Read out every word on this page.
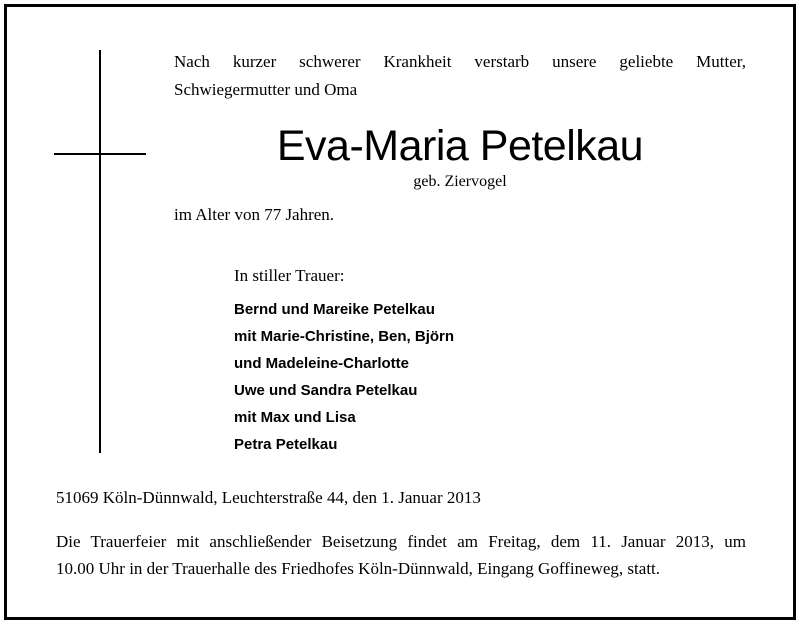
Nach kurzer schwerer Krankheit verstarb unsere geliebte Mutter,
Schwiegermutter und Oma
Eva-Maria Petelkau
geb. Ziervogel
im Alter von 77 Jahren.
In stiller Trauer:
Bernd und Mareike Petelkau
mit Marie-Christine, Ben, Björn
und Madeleine-Charlotte
Uwe und Sandra Petelkau
mit Max und Lisa
Petra Petelkau
51069 Köln-Dünnwald, Leuchterstraße 44, den 1. Januar 2013
Die Trauerfeier mit anschließender Beisetzung findet am Freitag, dem 11. Januar 2013, um
10.00 Uhr in der Trauerhalle des Friedhofes Köln-Dünnwald, Eingang Goffineweg, statt.
